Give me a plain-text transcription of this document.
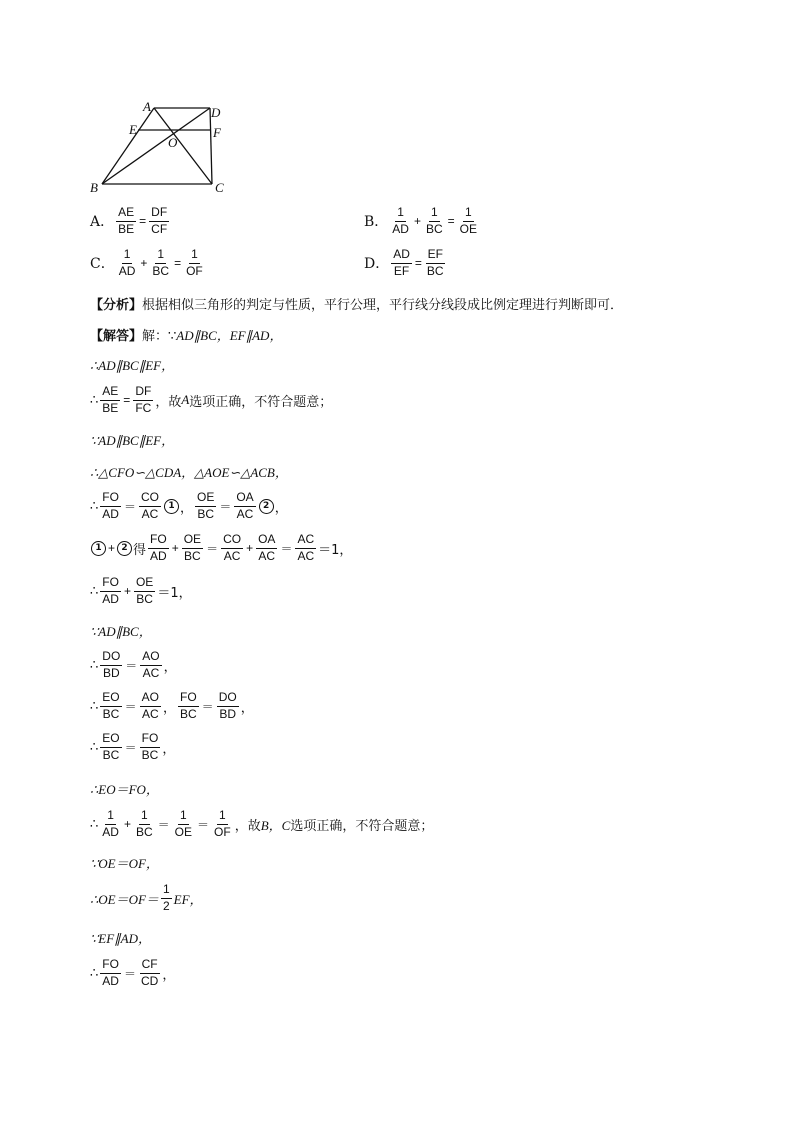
A	D
E	F
O
B	C
A． $\frac{AE}{BE} = \frac{DF}{CF}$	B． $\frac{1}{AD} + \frac{1}{BC} = \frac{1}{OE}$
C． $\frac{1}{AD} + \frac{1}{BC} = \frac{1}{OF}$	D． $\frac{AD}{EF} = \frac{EF}{BC}$
【分析】 根据相似三角形的判定与性质，平行公理，平行线分线段成比例定理进行判断即可．
【解答】 解：∵ AD∥BC，EF∥AD，
∴AD∥BC∥EF，
∴ $\frac{AE}{BE} = \frac{DF}{FC}$ ，故 A 选项正确，不符合题意；
∵AD∥BC∥EF，
∴△CFO∽△CDA，△AOE∽△ACB，
∴ $\frac{FO}{AD} = \frac{CO}{AC} 1$ ， $\frac{OE}{BC} = \frac{OA}{AC} 2$ ，
1 + 2 得 $\frac{FO}{AD} + \frac{OE}{BC} = \frac{CO}{AC} + \frac{OA}{AC} = \frac{AC}{AC} =1$，
∴ $\frac{FO}{AD} + \frac{OE}{BC} =1$，
∵AD∥BC，
∴ $\frac{DO}{BD} = \frac{AO}{AC}$ ，
∴ $\frac{EO}{BC} = \frac{AO}{AC}$ ， $\frac{FO}{BC} = \frac{DO}{BD}$ ，
∴ $\frac{EO}{BC} = \frac{FO}{BC}$ ，
∴EO＝FO，
∴ $\frac{1}{AD} + \frac{1}{BC} = \frac{1}{OE} = \frac{1}{OF}$ ，故 B，C 选项正确，不符合题意；
∵OE＝OF，
∴OE＝OF＝ $\frac{1}{2}$ EF，
∵EF∥AD，
∴ $\frac{FO}{AD} = \frac{CF}{CD}$ ，
